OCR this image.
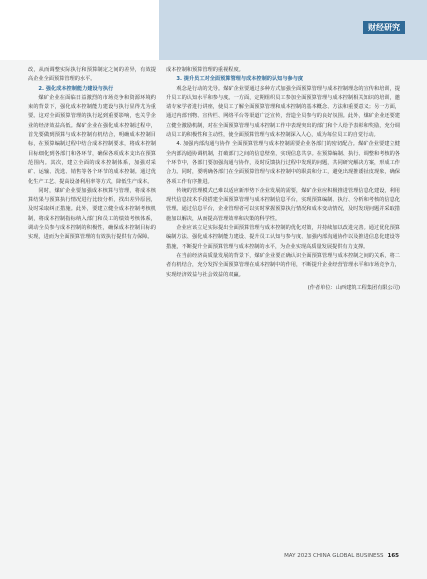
财经研究

改，从而调整实际执行和预算制定之间的差异，有效提高企业全面预算管理的水平。

2. 强化成本控制能力建设与执行

煤矿企业在面临日益激烈的市场竞争和资源环境约束的背景下，强化成本控制能力建设与执行显得尤为重要。这对全面预算管理的执行起到重要影响，也关乎企业的经济效益高低。煤矿企业在强化成本控制过程中，首先要做到预算与成本控制有机结合，明确成本控制目标，在预算编制过程中结合成本控制要求，将成本控制目标细化到各部门和各环节，确保各项成本支出在预算范围内。其次，建立全面的成本控制体系，加强对采矿、运输、洗选、销售等各个环节的成本控制。通过优化生产工艺、提高设备利用率等方式，降低生产成本。

同时，煤矿企业要加强成本核算与管理，将成本核算结果与预算执行情况进行比较分析，找出差异原因，及时采取纠正措施。此外，要建立健全成本控制考核机制，将成本控制指标纳入部门和员工的绩效考核体系，调动全员参与成本控制的积极性，确保成本控制目标的实现，进而为全面预算管理的有效执行提供有力保障。

成本控制和预算管理的重视程度。

3. 提升员工对全面预算管理与成本控制的认知与参与度

观念是行动的先导。煤矿企业要通过多种方式加强全面预算管理与成本控制理念的宣传和培训，提升员工的认知水平和参与度。一方面，定期组织员工参加全面预算管理与成本控制相关知识的培训，邀请专家学者进行讲座，使员工了解全面预算管理和成本控制的基本概念、方法和重要意义；另一方面，通过内部刊物、宣传栏、网络平台等渠道广泛宣传，营造全员参与的良好氛围。此外，煤矿企业还要建立健全激励机制，对在全面预算管理与成本控制工作中表现突出的部门和个人给予表彰和奖励，充分调动员工的积极性和主动性，使全面预算管理与成本控制深入人心，成为每位员工的自觉行动。

4. 加强内部沟通与协作 全面预算管理与成本控制需要企业各部门的密切配合。煤矿企业要建立健全内部沟通协调机制，打破部门之间的信息壁垒，实现信息共享。在预算编制、执行、调整和考核的各个环节中，各部门要加强沟通与协作，及时反馈执行过程中发现的问题，共同研究解决方案，形成工作合力。同时，要明确各部门在全面预算管理与成本控制中的职责和分工，避免出现推诿扯皮现象，确保各项工作有序推进。

传统的管理模式已难以适应新形势下企业发展的需要，煤矿企业应积极推进管理信息化建设，利用现代信息技术手段搭建全面预算管理与成本控制信息平台，实现预算编制、执行、分析和考核的信息化管理。通过信息平台，企业管理者可以实时掌握预算执行情况和成本变动情况，及时发现问题并采取措施加以解决，从而提高管理效率和决策的科学性。

企业应该立足实际提出全面预算管理与成本控制的优化对策，并持续加以改进完善。通过优化预算编制方法、强化成本控制能力建设、提升员工认知与参与度、加强内部沟通协作以及推进信息化建设等措施，不断提升全面预算管理与成本控制的水平，为企业实现高质量发展提供有力支撑。

在当前经济高质量发展的背景下，煤矿企业要正确认识全面预算管理与成本控制之间的关系，将二者有机结合，充分发挥全面预算管理在成本控制中的作用，不断提升企业经营管理水平和市场竞争力，实现经济效益与社会效益的双赢。

(作者单位：山西建筑工程集团有限公司)

MAY 2023 CHINA GLOBAL BUSINESS 165
